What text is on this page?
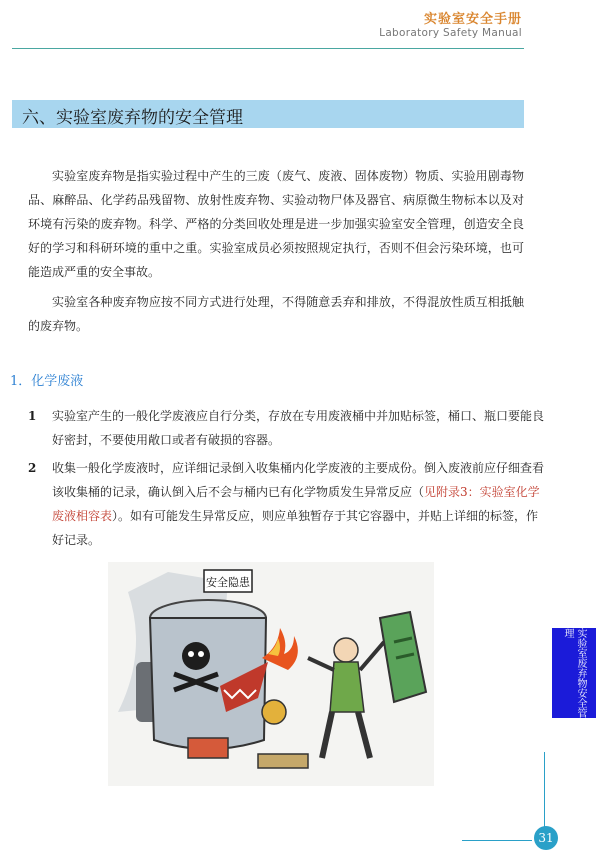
实验室安全手册
Laboratory Safety Manual
六、实验室废弃物的安全管理

实验室废弃物是指实验过程中产生的三废（废气、废液、固体废物）物质、实验用剧毒物品、麻醉品、化学药品残留物、放射性废弃物、实验动物尸体及器官、病原微生物标本以及对环境有污染的废弃物。科学、严格的分类回收处理是进一步加强实验室安全管理，创造安全良好的学习和科研环境的重中之重。实验室成员必须按照规定执行，否则不但会污染环境，也可能造成严重的安全事故。

实验室各种废弃物应按不同方式进行处理，不得随意丢弃和排放，不得混放性质互相抵触的废弃物。

1．化学废液
1 实验室产生的一般化学废液应自行分类，存放在专用废液桶中并加贴标签，桶口、瓶口要能良好密封，不要使用敞口或者有破损的容器。
2 收集一般化学废液时，应详细记录倒入收集桶内化学废液的主要成份。倒入废液前应仔细查看该收集桶的记录，确认倒入后不会与桶内已有化学物质发生异常反应（见附录3：实验室化学废液相容表）。如有可能发生异常反应，则应单独暂存于其它容器中，并贴上详细的标签，作好记录。
安全隐患
实验室废弃物安全管理
31
